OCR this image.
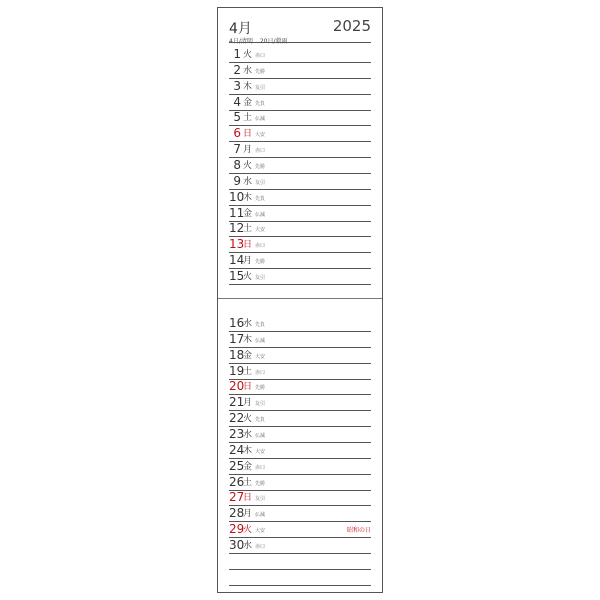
4月	2025
4日/清明 20日/穀雨
1 火 赤口
2 水 先勝
3 木 友引
4 金 先負
5 土 仏滅
6 日 大安
7 月 赤口
8 火 先勝
9 水 友引
10
木 先負
11
金 仏滅
12
土 大安
13
日 赤口
14
月 先勝
15
火 友引
16
水 先負
17
木 仏滅
18
金 大安
19
土 赤口
20
日 先勝
21
月 友引
22
火 先負
23
水 仏滅
24
木 大安
25
金 赤口
26
土 先勝
27
日 友引
28
月 仏滅
29
火 大安	昭和の日
30
水 赤口
